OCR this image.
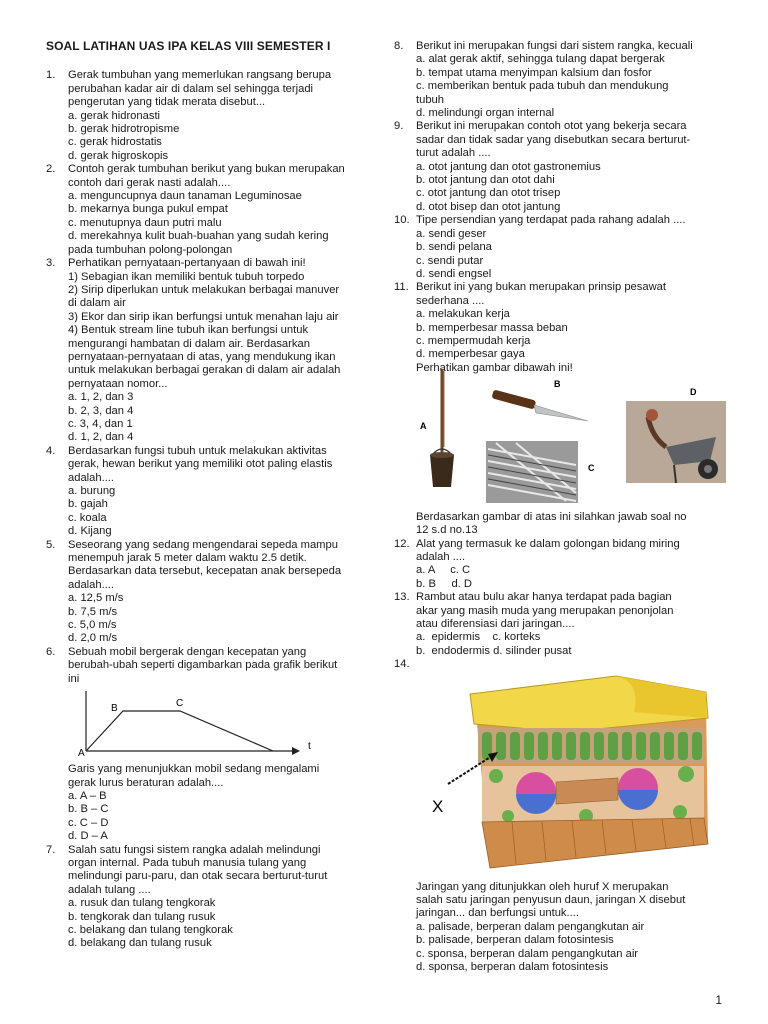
SOAL LATIHAN UAS IPA KELAS VIII SEMESTER I
1.	Gerak tumbuhan yang memerlukan rangsang berupa
perubahan kadar air di dalam sel sehingga terjadi
pengerutan yang tidak merata disebut...
a. gerak hidronasti
b. gerak hidrotropisme
c. gerak hidrostatis
d. gerak higroskopis
2.	Contoh gerak tumbuhan berikut yang bukan merupakan
contoh dari gerak nasti adalah....
a. menguncupnya daun tanaman Leguminosae
b. mekarnya bunga pukul empat
c. menutupnya daun putri malu
d. merekahnya kulit buah-buahan yang sudah kering
pada tumbuhan polong-polongan
3.	Perhatikan pernyataan-pertanyaan di bawah ini!
1) Sebagian ikan memiliki bentuk tubuh torpedo
2) Sirip diperlukan untuk melakukan berbagai manuver
di dalam air
3) Ekor dan sirip ikan berfungsi untuk menahan laju air
4) Bentuk stream line tubuh ikan berfungsi untuk
mengurangi hambatan di dalam air. Berdasarkan
pernyataan-pernyataan di atas, yang mendukung ikan
untuk melakukan berbagai gerakan di dalam air adalah
pernyataan nomor...
a. 1, 2, dan 3
b. 2, 3, dan 4
c. 3, 4, dan 1
d. 1, 2, dan 4
4.	Berdasarkan fungsi tubuh untuk melakukan aktivitas
gerak, hewan berikut yang memiliki otot paling elastis
adalah....
a. burung
b. gajah
c. koala
d. Kijang
5.	Seseorang yang sedang mengendarai sepeda mampu
menempuh jarak 5 meter dalam waktu 2.5 detik.
Berdasarkan data tersebut, kecepatan anak bersepeda
adalah....
a. 12,5 m/s
b. 7,5 m/s
c. 5,0 m/s
d. 2,0 m/s
6.	Sebuah mobil bergerak dengan kecepatan yang
berubah-ubah seperti digambarkan pada grafik berikut
ini
A
B	C
t
Garis yang menunjukkan mobil sedang mengalami
gerak lurus beraturan adalah....
a. A – B
b. B – C
c. C – D
d. D – A
7.	Salah satu fungsi sistem rangka adalah melindungi
organ internal. Pada tubuh manusia tulang yang
melindungi paru-paru, dan otak secara berturut-turut
adalah tulang ....
a. rusuk dan tulang tengkorak
b. tengkorak dan tulang rusuk
c. belakang dan tulang tengkorak
d. belakang dan tulang rusuk
8.	Berikut ini merupakan fungsi dari sistem rangka, kecuali
a. alat gerak aktif, sehingga tulang dapat bergerak
b. tempat utama menyimpan kalsium dan fosfor
c. memberikan bentuk pada tubuh dan mendukung
tubuh
d. melindungi organ internal
9.	Berikut ini merupakan contoh otot yang bekerja secara
sadar dan tidak sadar yang disebutkan secara berturut-
turut adalah ....
a. otot jantung dan otot gastronemius
b. otot jantung dan otot dahi
c. otot jantung dan otot trisep
d. otot bisep dan otot jantung
10. Tipe persendian yang terdapat pada rahang adalah ....
a. sendi geser
b. sendi pelana
c. sendi putar
d. sendi engsel
11. Berikut ini yang bukan merupakan prinsip pesawat
sederhana ....
a. melakukan kerja
b. memperbesar massa beban
c. mempermudah kerja
d. memperbesar gaya
Perhatikan gambar dibawah ini!
A
B
C
D
Berdasarkan gambar di atas ini silahkan jawab soal no
12 s.d no.13
12. Alat yang termasuk ke dalam golongan bidang miring
adalah ....
a. A     c. C
b. B     d. D
13. Rambut atau bulu akar hanya terdapat pada bagian
akar yang masih muda yang merupakan penonjolan
atau diferensiasi dari jaringan....
a.  epidermis    c. korteks
b.  endodermis d. silinder pusat
14.
X
Jaringan yang ditunjukkan oleh huruf X merupakan
salah satu jaringan penyusun daun, jaringan X disebut
jaringan... dan berfungsi untuk....
a. palisade, berperan dalam pengangkutan air
b. palisade, berperan dalam fotosintesis
c. sponsa, berperan dalam pengangkutan air
d. sponsa, berperan dalam fotosintesis
1
